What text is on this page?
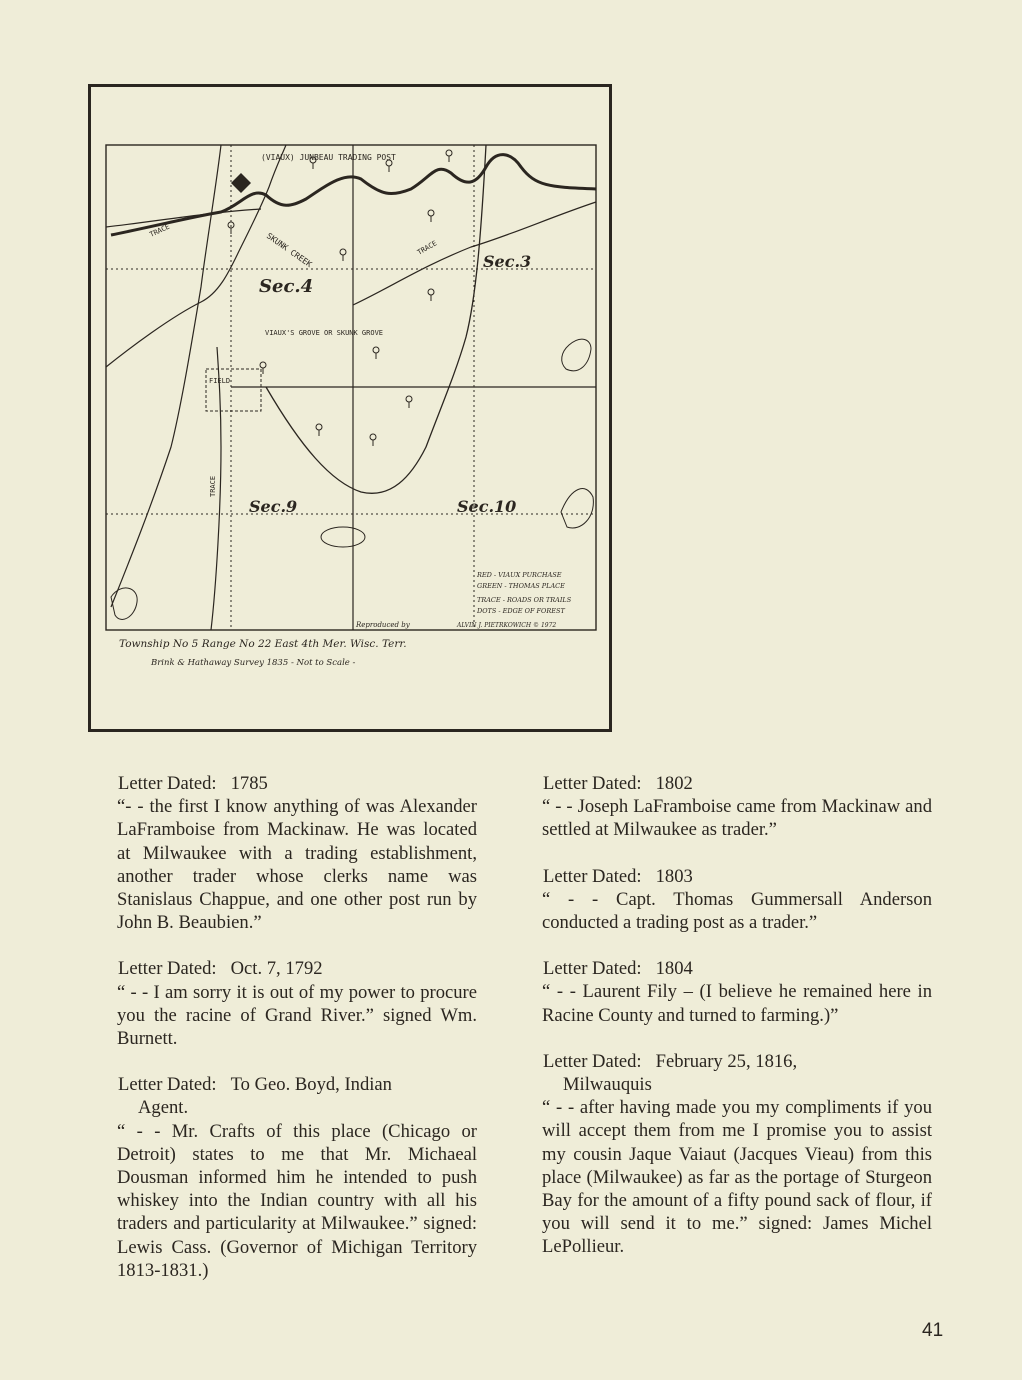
(VIAUX) JUNBEAU TRADING POST
SKUNK CREEK
Sec.4
Sec.3
Sec.9	Sec.10
TRACE
TRACE
TRACE
VIAUX'S GROVE OR SKUNK GROVE
FIELD
RED - VIAUX PURCHASE
GREEN - THOMAS PLACE
TRACE - ROADS OR TRAILS
DOTS - EDGE OF FOREST
Reproduced by	ALVIN J. PIETRKOWICH © 1972
Township No 5 Range No 22 East 4th Mer. Wisc. Terr.
Brink & Hathaway Survey 1835 - Not to Scale -
Letter Dated: 1785
“- - the first I know anything of was Alexander LaFramboise from Mackinaw. He was located at Milwaukee with a trading establishment, another trader whose clerks name was Stanislaus Chappue, and one other post run by John B. Beaubien.”
Letter Dated: Oct. 7, 1792
“ - - I am sorry it is out of my power to procure you the racine of Grand River.” signed Wm. Burnett.
Letter Dated: To Geo. Boyd, Indian
Agent.
“ - - Mr. Crafts of this place (Chicago or Detroit) states to me that Mr. Michaeal Dousman informed him he intended to push whiskey into the Indian country with all his traders and particularity at Milwaukee.” signed: Lewis Cass. (Governor of Michigan Territory 1813-1831.)
Letter Dated: 1802
“ - - Joseph LaFramboise came from Mackinaw and settled at Milwaukee as trader.”
Letter Dated: 1803
“ - - Capt. Thomas Gummersall Anderson conducted a trading post as a trader.”
Letter Dated: 1804
“ - - Laurent Fily – (I believe he remained here in Racine County and turned to farming.)”
Letter Dated: February 25, 1816,
Milwauquis
“ - - after having made you my compliments if you will accept them from me I promise you to assist my cousin Jaque Vaiaut (Jacques Vieau) from this place (Milwaukee) as far as the portage of Sturgeon Bay for the amount of a fifty pound sack of flour, if you will send it to me.” signed: James Michel LePollieur.
41
